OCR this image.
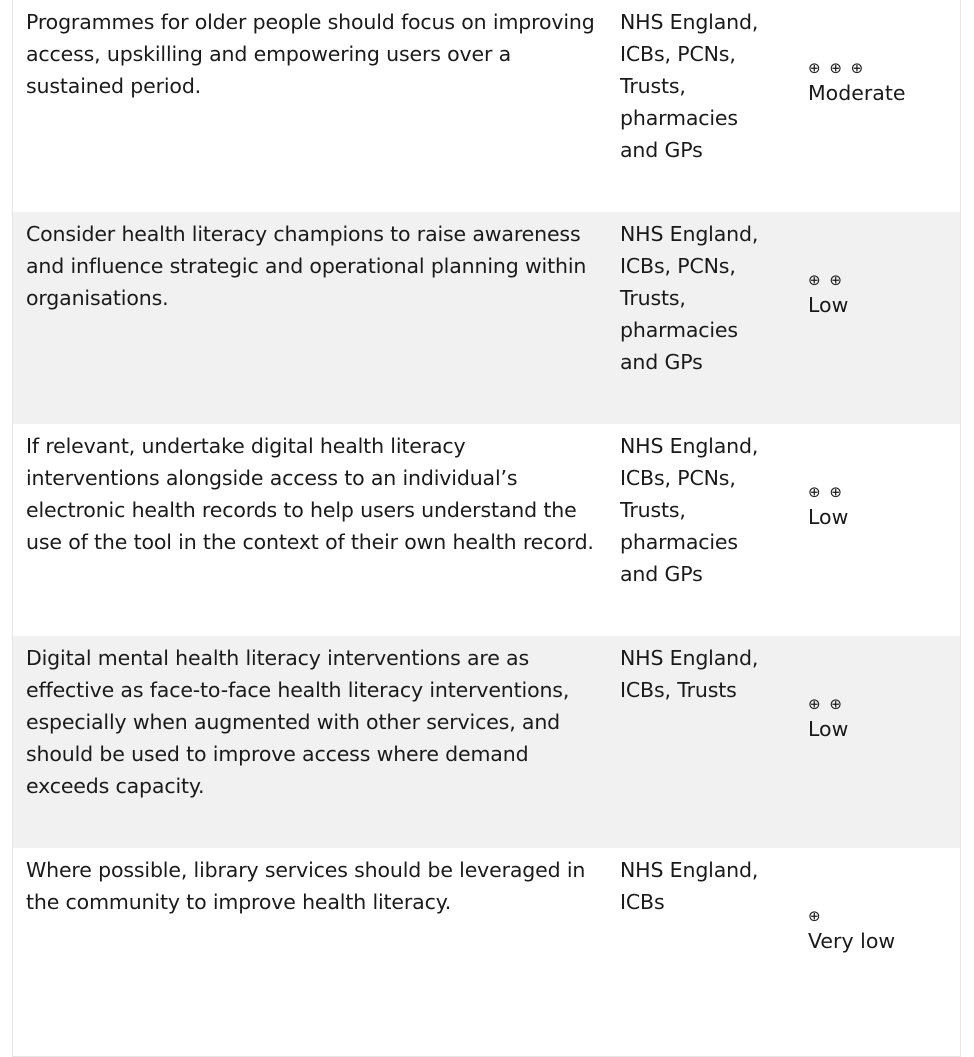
Programmes for older people should focus on improving access, upskilling and empowering users over a sustained period.
NHS England, ICBs, PCNs, Trusts, pharmacies and GPs
⊕ ⊕ ⊕
Moderate
Consider health literacy champions to raise awareness and influence strategic and operational planning within organisations.
NHS England, ICBs, PCNs, Trusts, pharmacies and GPs
⊕ ⊕
Low
If relevant, undertake digital health literacy interventions alongside access to an individual’s electronic health records to help users understand the use of the tool in the context of their own health record.
NHS England, ICBs, PCNs, Trusts, pharmacies and GPs
⊕ ⊕
Low
Digital mental health literacy interventions are as effective as face-to-face health literacy interventions, especially when augmented with other services, and should be used to improve access where demand exceeds capacity.
NHS England, ICBs, Trusts
⊕ ⊕
Low
Where possible, library services should be leveraged in the community to improve health literacy.
NHS England, ICBs
⊕
Very low
